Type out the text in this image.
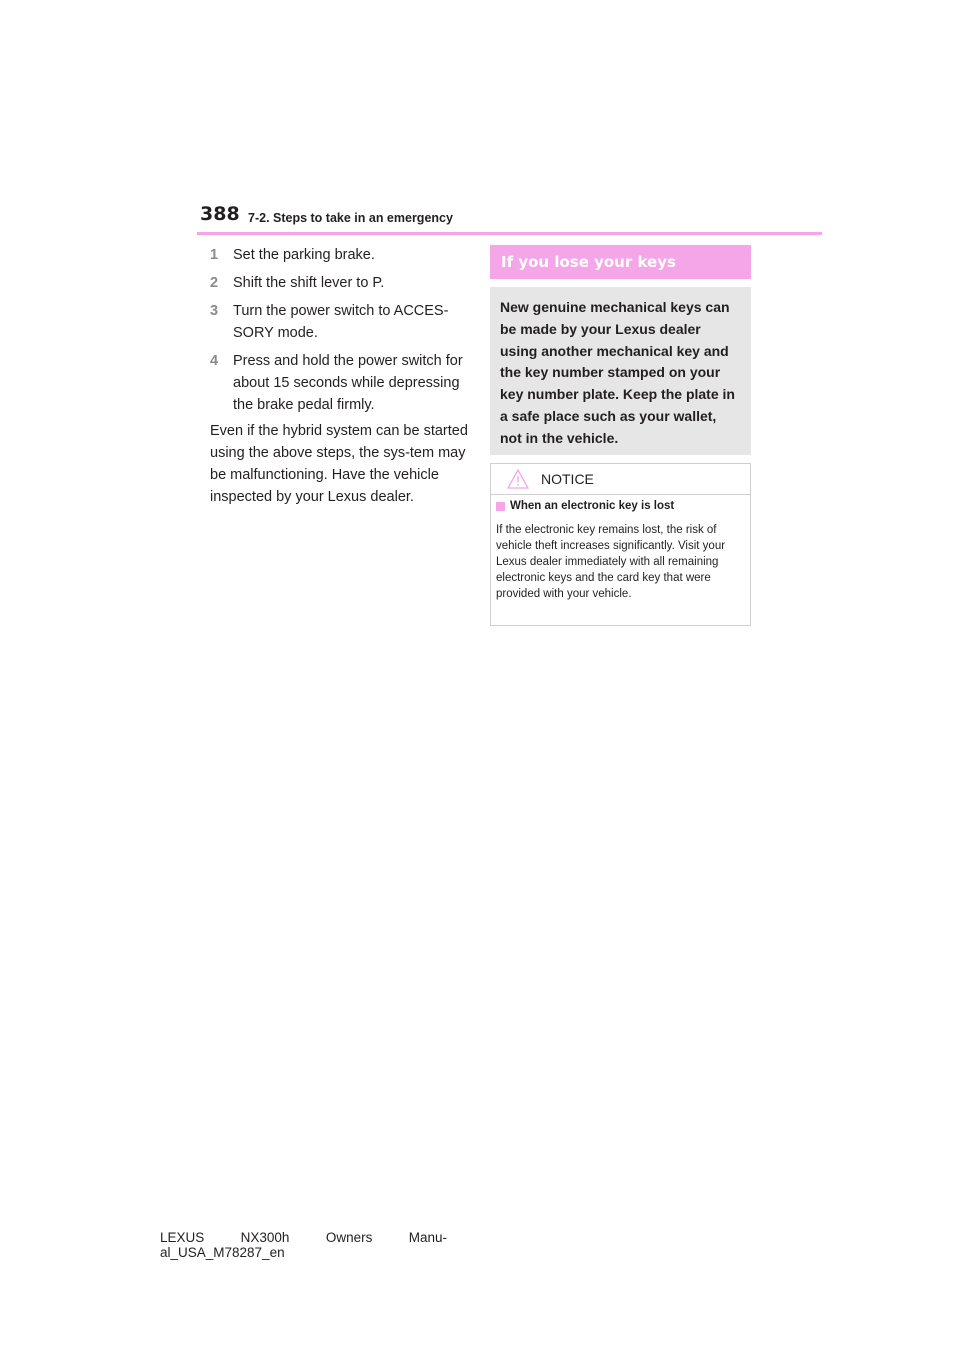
388 7-2. Steps to take in an emergency
1	Set the parking brake.
2	Shift the shift lever to P.
3	Turn the power switch to ACCES-SORY mode.
4	Press and hold the power switch for about 15 seconds while depressing the brake pedal firmly.
Even if the hybrid system can be started using the above steps, the sys-tem may be malfunctioning. Have the vehicle inspected by your Lexus dealer.
If you lose your keys
New genuine mechanical keys can be made by your Lexus dealer using another mechanical key and the key number stamped on your key number plate. Keep the plate in a safe place such as your wallet, not in the vehicle.
NOTICE
When an electronic key is lost
If the electronic key remains lost, the risk of vehicle theft increases significantly. Visit your Lexus dealer immediately with all remaining electronic keys and the card key that were provided with your vehicle.
LEXUS	NX300h	Owners	Manu-
al_USA_M78287_en
